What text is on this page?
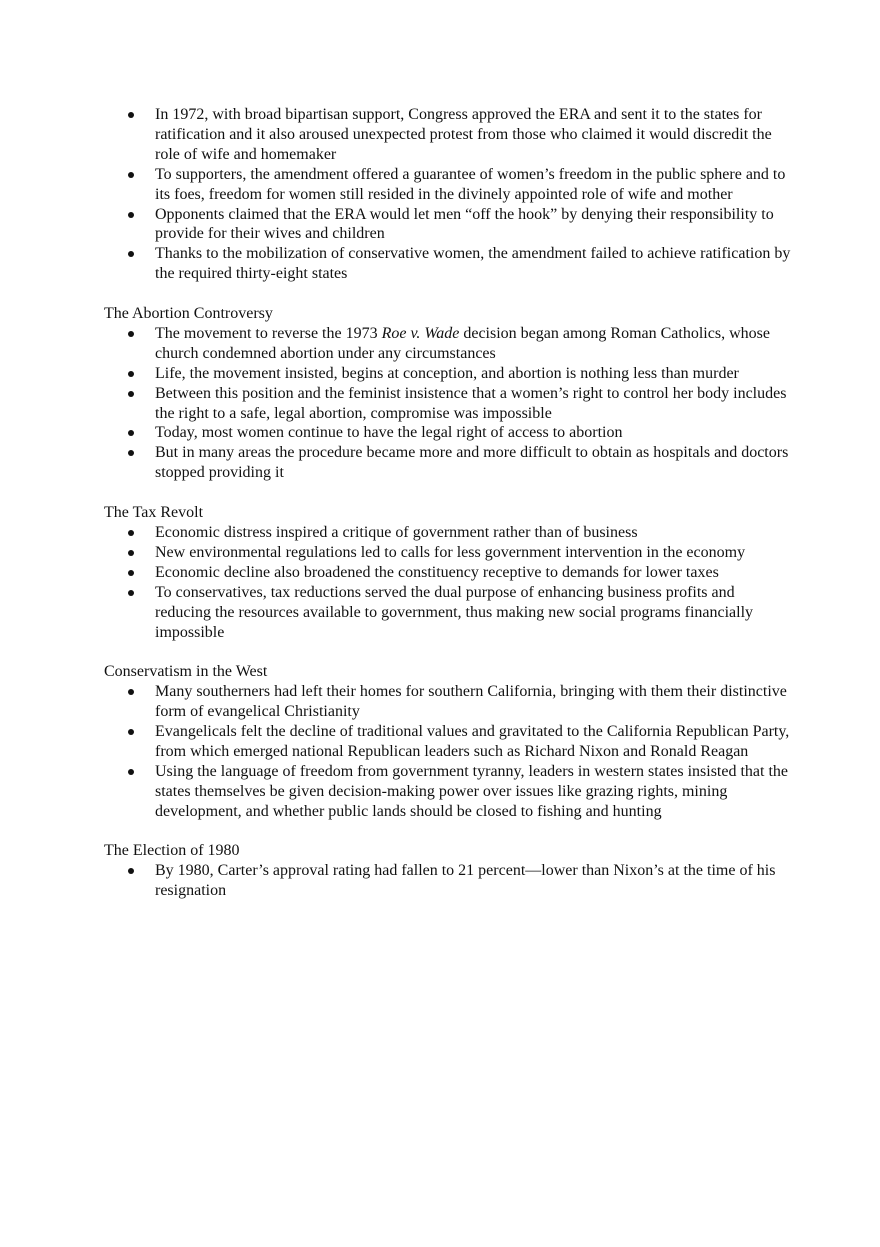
In 1972, with broad bipartisan support, Congress approved the ERA and sent it to the states for ratification and it also aroused unexpected protest from those who claimed it would discredit the role of wife and homemaker
To supporters, the amendment offered a guarantee of women’s freedom in the public sphere and to its foes, freedom for women still resided in the divinely appointed role of wife and mother
Opponents claimed that the ERA would let men “off the hook” by denying their responsibility to provide for their wives and children
Thanks to the mobilization of conservative women, the amendment failed to achieve ratification by the required thirty-eight states
The Abortion Controversy
The movement to reverse the 1973 Roe v. Wade decision began among Roman Catholics, whose church condemned abortion under any circumstances
Life, the movement insisted, begins at conception, and abortion is nothing less than murder
Between this position and the feminist insistence that a women’s right to control her body includes the right to a safe, legal abortion, compromise was impossible
Today, most women continue to have the legal right of access to abortion
But in many areas the procedure became more and more difficult to obtain as hospitals and doctors stopped providing it
The Tax Revolt
Economic distress inspired a critique of government rather than of business
New environmental regulations led to calls for less government intervention in the economy
Economic decline also broadened the constituency receptive to demands for lower taxes
To conservatives, tax reductions served the dual purpose of enhancing business profits and reducing the resources available to government, thus making new social programs financially impossible
Conservatism in the West
Many southerners had left their homes for southern California, bringing with them their distinctive form of evangelical Christianity
Evangelicals felt the decline of traditional values and gravitated to the California Republican Party, from which emerged national Republican leaders such as Richard Nixon and Ronald Reagan
Using the language of freedom from government tyranny, leaders in western states insisted that the states themselves be given decision-making power over issues like grazing rights, mining development, and whether public lands should be closed to fishing and hunting
The Election of 1980
By 1980, Carter’s approval rating had fallen to 21 percent—lower than Nixon’s at the time of his resignation
